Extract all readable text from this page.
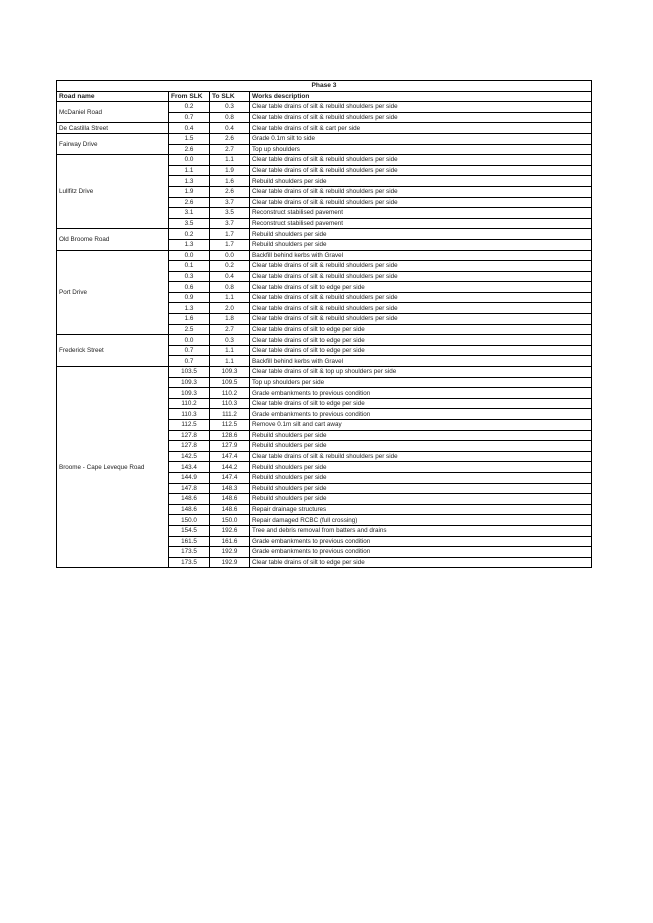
Phase 3			
Road name	From SLK	To SLK	Works description
McDaniel Road	0.2	0.3	Clear table drains of silt & rebuild shoulders per side
	0.7	0.8	Clear table drains of silt & rebuild shoulders per side
De Castilla Street	0.4	0.4	Clear table drains of silt & cart per side
Fairway Drive	1.5	2.6	Grade 0.1m silt to side
	2.6	2.7	Top up shoulders
Lullfitz Drive	0.0	1.1	Clear table drains of silt & rebuild shoulders per side
	1.1	1.9	Clear table drains of silt & rebuild shoulders per side
	1.3	1.6	Rebuild shoulders per side
	1.9	2.6	Clear table drains of silt & rebuild shoulders per side
	2.6	3.7	Clear table drains of silt & rebuild shoulders per side
	3.1	3.5	Reconstruct stabilised pavement
	3.5	3.7	Reconstruct stabilised pavement
Old Broome Road	0.2	1.7	Rebuild shoulders per side
	1.3	1.7	Rebuild shoulders per side
Port Drive	0.0	0.0	Backfill behind kerbs with Gravel
	0.1	0.2	Clear table drains of silt & rebuild shoulders per side
	0.3	0.4	Clear table drains of silt & rebuild shoulders per side
	0.6	0.8	Clear table drains of silt to edge per side
	0.9	1.1	Clear table drains of silt & rebuild shoulders per side
	1.3	2.0	Clear table drains of silt & rebuild shoulders per side
	1.6	1.8	Clear table drains of silt & rebuild shoulders per side
	2.5	2.7	Clear table drains of silt to edge per side
Frederick Street	0.0	0.3	Clear table drains of silt to edge per side
	0.7	1.1	Clear table drains of silt to edge per side
	0.7	1.1	Backfill behind kerbs with Gravel
Broome - Cape Leveque Road	103.5	109.3	Clear table drains of silt & top up shoulders per side
	109.3	109.5	Top up shoulders per side
	109.3	110.2	Grade embankments to previous condition
	110.2	110.3	Clear table drains of silt to edge per side
	110.3	111.2	Grade embankments to previous condition
	112.5	112.5	Remove 0.1m silt and cart away
	127.8	128.6	Rebuild shoulders per side
	127.8	127.9	Rebuild shoulders per side
	142.5	147.4	Clear table drains of silt & rebuild shoulders per side
	143.4	144.2	Rebuild shoulders per side
	144.9	147.4	Rebuild shoulders per side
	147.8	148.3	Rebuild shoulders per side
	148.6	148.6	Rebuild shoulders per side
	148.6	148.6	Repair drainage structures
	150.0	150.0	Repair damaged RCBC (full crossing)
	154.5	192.6	Tree and debris removal from batters and drains
	161.5	161.6	Grade embankments to previous condition
	173.5	192.9	Grade embankments to previous condition
	173.5	192.9	Clear table drains of silt to edge per side
